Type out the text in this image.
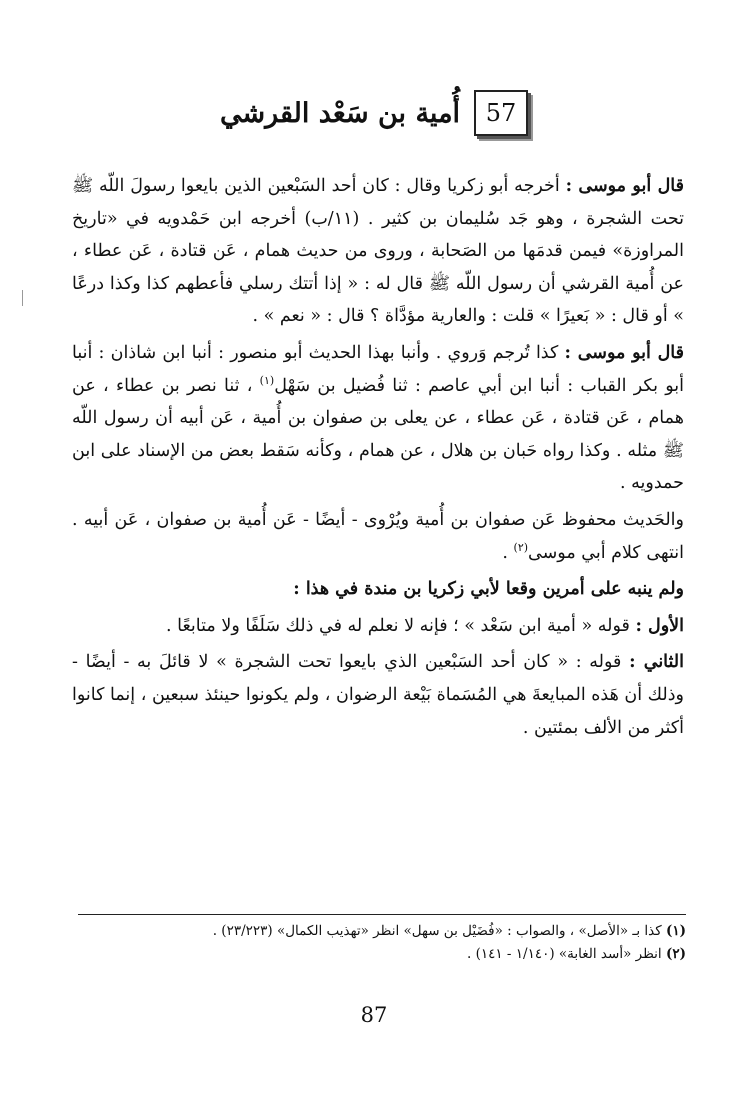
57
أُمية بن سَعْد القرشي

قال أبو موسى : أخرجه أبو زكريا وقال : كان أحد السَبْعين الذين بايعوا رسولَ اللّه ﷺ تحت الشجرة ، وهو جَد سُليمان بن كثير . (١١/ب) أخرجه ابن حَمْدويه في «تاريخ المراوزة» فيمن قدمَها من الصَحابة ، وروى من حديث همام ، عَن قتادة ، عَن عطاء ، عن أُمية القرشي أن رسول اللّه ﷺ قال له : « إذا أتتك رسلي فأعطهم كذا وكذا درعًا » أو قال : « بَعيرًا » قلت : والعارية مؤدَّاة ؟ قال : « نعم » .

قال أبو موسى : كذا تُرجم وَروي . وأنبا بهذا الحديث أبو منصور : أنبا ابن شاذان : أنبا أبو بكر القباب : أنبا ابن أبي عاصم : ثنا فُضيل بن سَهْل$^{(١)}$ ، ثنا نصر بن عطاء ، عن همام ، عَن قتادة ، عَن عطاء ، عن يعلى بن صفوان بن أُمية ، عَن أبيه أن رسول اللّه ﷺ مثله . وكذا رواه حَبان بن هلال ، عن همام ، وكأنه سَقط بعض من الإسناد على ابن حمدويه .

والحَديث محفوظ عَن صفوان بن أُمية ويُرْوى - أيضًا - عَن أُمية بن صفوان ، عَن أبيه . انتهى كلام أبي موسى$^{(٢)}$ .

ولم ينبه على أمرين وقعا لأبي زكريا بن مندة في هذا :

الأول : قوله « أمية ابن سَعْد » ؛ فإنه لا نعلم له في ذلك سَلَفًا ولا متابعًا .

الثاني : قوله : « كان أحد السَبْعين الذي بايعوا تحت الشجرة » لا قائلَ به - أيضًا - وذلك أن هَذه المبايعةَ هي المُسَماة بَيْعة الرضوان ، ولم يكونوا حينئذ سبعين ، إنما كانوا أكثر من الألف بمئتين .

(١) كذا بـ «الأصل» ، والصواب : «فُضَيْل بن سهل» انظر «تهذيب الكمال» (٢٣/٢٢٣) .
(٢) انظر «أسد الغابة» (١/١٤٠ - ١٤١) .
87
